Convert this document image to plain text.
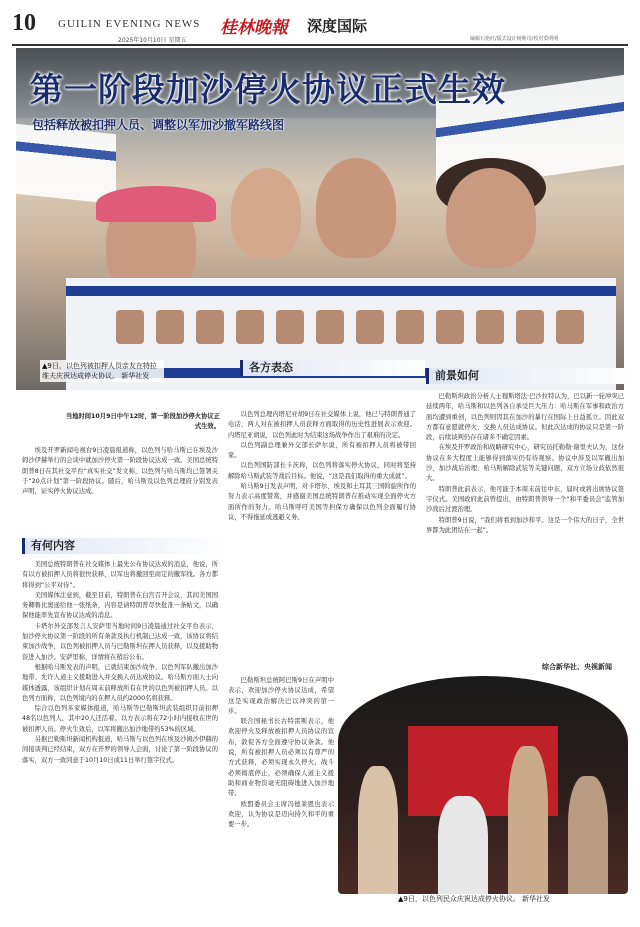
10 GUILIN EVENING NEWS
2025年10月10日 星期五
桂林晚報 深度国际
编辑石艳红/版式设计杨斯诗/校对莫明明
第一阶段加沙停火协议正式生效
包括释放被扣押人员、调整以军加沙撤军路线图
▲9日，以色列被扣押人员亲友在特拉维夫庆祝达成停火协议。 新华社发
当地时间10月9日中午12时，第一阶段加沙停火协议正式生效。

埃及开罗新闻电视台9日凌晨报道称，以色列与哈马斯已在埃及沙姆沙伊赫举行的会谈中就加沙停火第一阶段协议达成一致。美国总统特朗普8日在其社交平台“真实社交”发文称，以色列与哈马斯均已签署关于“20点计划”第一阶段协议。随后，哈马斯及以色列总理府分别发表声明，证实停火协议达成。

有何内容

美国总统特朗普在社交媒体上最先公布协议达成的消息，他说，所有以方被扣押人员将很快获释，以军也将撤回至商定的撤军线。各方都将得到“公平对待”。

美国媒体注意到，截至目前，特朗普在白宫召开会议，其间美国国务卿鲁比奥递给他一张纸条，内容是请特朗普尽快批准一条帖文，以确保他能率先宣布协议达成的消息。

卡塔尔外交部发言人安萨里当地时间9日凌晨通过社交平台表示，加沙停火协议第一阶段的所有条款及执行机制已达成一致，该协议将结束加沙战争，以色列被扣押人员与巴勒斯坦在押人员获释，以及援助物资进入加沙。安萨里称，详情将在稍后公布。

根据哈马斯发表的声明，已就结束加沙战争、以色列军队撤出加沙地带、允许人道主义援助进入并交换人员达成协议。哈马斯方面人士向媒体透露，该组织计划在周末前释放所有在世的以色列被扣押人员。以色列方面称，以色列境内的在押人员约2000名将获释。

综合以色列多家媒体报道，哈马斯等巴勒斯坦武装组织目前扣押48名以色列人，其中20人还活着。以方表示将在72小时内接收在世的被扣押人员。停火生效后，以军将撤出加沙地带约53%的区域。

另据巴勒斯坦新闻机构报道，哈马斯与以色列在埃及沙姆沙伊赫的间接谈判已经结束，双方在开罗的领导人会面，讨论了第一阶段协议的落实，双方一致同意于10月10日或11日举行签字仪式。

各方表态

以色列总理内塔尼亚胡9日在社交媒体上说，他已与特朗普通了电话，两人对在被扣押人员获释方面取得的历史性进展表示欢迎。内塔尼亚胡说，以色列此时为结束这场战争作出了艰难的决定。

以色列副总理兼外交部长萨尔说，所有被扣押人员将被带回家。

以色列国防部长卡茨称，以色列将落实停火协议，同时将坚持解除哈马斯武装等战后目标。他说，“这是我们取得的重大成就”。

哈马斯9日发表声明，对卡塔尔、埃及和土耳其三国斡旋所作的努力表示高度赞赏，并感谢美国总统特朗普在推动实现全面停火方面所作的努力。哈马斯呼吁美国等担保方确保以色列全面履行协议，不得拖延或逃避义务。

巴勒斯坦总统阿巴斯9日在声明中表示，欢迎加沙停火协议达成，希望这是实现政治解决巴以冲突的第一步。

联合国秘书长古特雷斯表示，他欢迎停火及释放被扣押人员协议的宣布，敦促各方全面遵守协议条款。他说，所有被扣押人员必须以有尊严的方式获释，必须实现永久停火，战斗必须彻底停止，必须确保人道主义援助和商业物资毫无阻碍地进入加沙地带。

欧盟委员会主席冯德莱恩也表示欢迎，认为协议是迈向持久和平的重要一步。

前景如何

巴勒斯坦政治分析人士穆斯塔法·巴沙拉特认为，巴以新一轮冲突已延续两年，哈马斯和以色列各自承受巨大压力：哈马斯在军事和政治方面均遭到重创，以色列则因其在加沙的暴行在国际上日益孤立。因此双方都有意愿就停火、交换人员达成协议。但此次达成的协议只是第一阶段，后续谈判仍存在诸多不确定因素。

在埃及开罗政治和战略研究中心，研究员托勒勒·谢里夫认为，这份协议在多大程度上能够得到落实仍有待观察。协议中涉及以军撤出加沙、加沙战后治理、哈马斯解除武装等关键问题，双方立场分歧依然很大。

特朗普此前表示，他可能于本周末前往中东，届时或将出席协议签字仪式。美国政府此前曾提出，由特朗普领导一个“和平委员会”监管加沙战后过渡治理。

特朗普9日说，“我们将看到加沙和平。这是一个伟大的日子，全世界都为此团结在一起”。

综合新华社、央视新闻
▲9日，以色列民众庆祝达成停火协议。 新华社发
